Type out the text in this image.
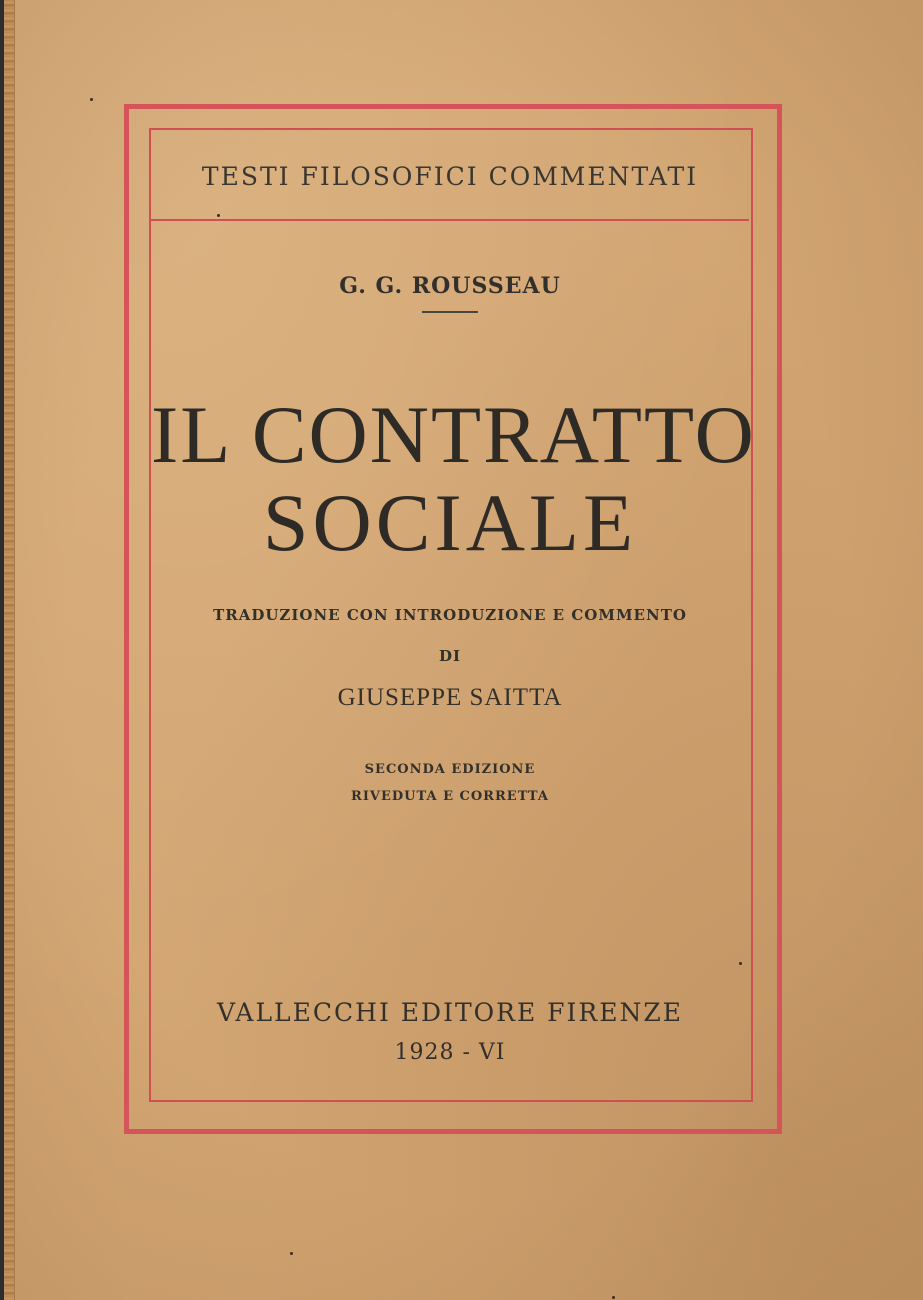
TESTI FILOSOFICI COMMENTATI
G. G. ROUSSEAU
IL CONTRATTO
SOCIALE
TRADUZIONE CON INTRODUZIONE E COMMENTO
DI
GIUSEPPE SAITTA
SECONDA EDIZIONE
RIVEDUTA E CORRETTA
VALLECCHI EDITORE FIRENZE
1928 - VI
